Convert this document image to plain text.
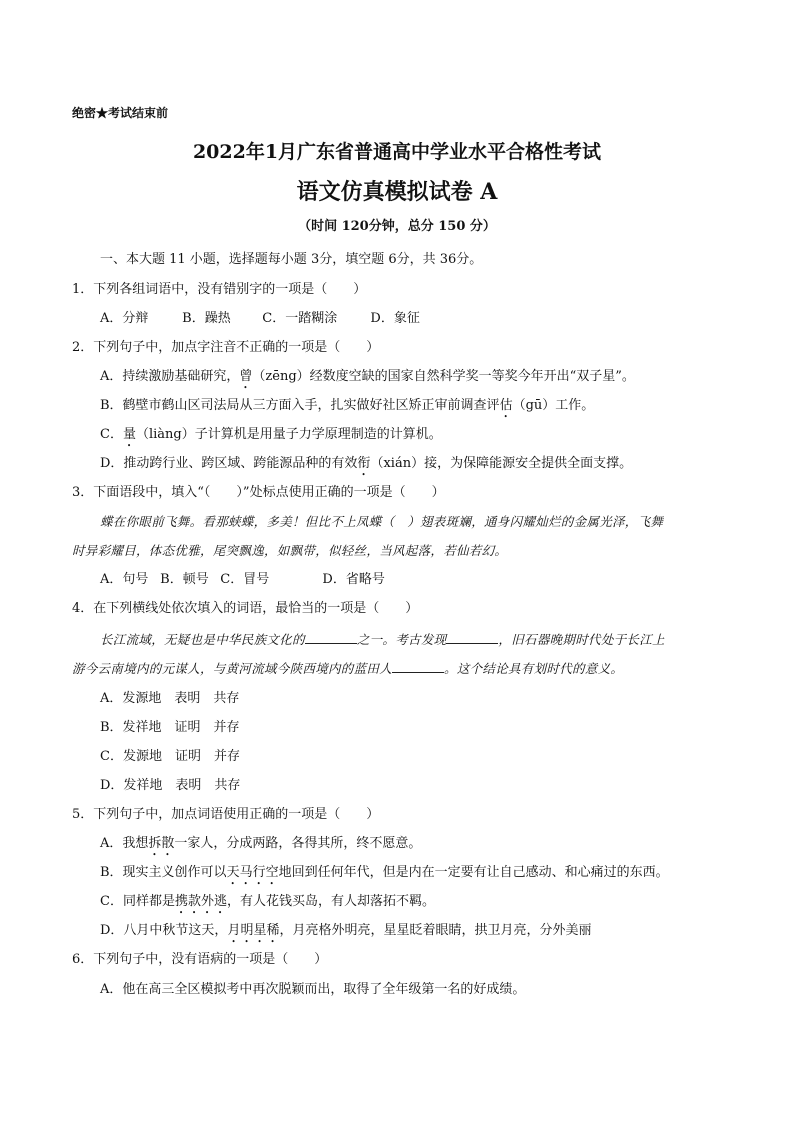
绝密★考试结束前
2022年1月广东省普通高中学业水平合格性考试
语文仿真模拟试卷 A
（时间 120分钟，总分 150 分）
一、本大题 11 小题，选择题每小题 3分，填空题 6分，共 36分。
1．下列各组词语中，没有错别字的一项是（　　）
A．分辩	B．躁热 C．一踏糊涂	D．象征
2．下列句子中，加点字注音不正确的一项是（　　）
A．持续激励基础研究，曾（zēng）经数度空缺的国家自然科学奖一等奖今年开出“双子星”。
B．鹤壁市鹤山区司法局从三方面入手，扎实做好社区矫正审前调查评估（gū）工作。
C．量（liàng）子计算机是用量子力学原理制造的计算机。
D．推动跨行业、跨区域、跨能源品种的有效衔（xián）接，为保障能源安全提供全面支撑。
3．下面语段中，填入“（　　）”处标点使用正确的一项是（　　）
蝶在你眼前飞舞。看那蛱蝶，多美！但比不上凤蝶（　）翅表斑斓，通身闪耀灿烂的金属光泽，飞舞
时异彩耀目，体态优雅，尾突飘逸，如飘带，似轻丝，当风起落，若仙若幻。
A．句号 B．顿号 C．冒号	D．省略号
4．在下列横线处依次填入的词语，最恰当的一项是（　　）
长江流域，无疑也是中华民族文化的	之一。考古发现	，旧石器晚期时代处于长江上
游今云南境内的元谋人，与黄河流域今陕西境内的蓝田人	。这个结论具有划时代的意义。
A．发源地　表明　共存
B．发祥地　证明　并存
C．发源地　证明　并存
D．发祥地　表明　共存
5．下列句子中，加点词语使用正确的一项是（　　）
A．我想拆散一家人，分成两路，各得其所，终不愿意。
B．现实主义创作可以天马行空地回到任何年代，但是内在一定要有让自己感动、和心痛过的东西。
C．同样都是携款外逃，有人花钱买岛，有人却落拓不羁。
D．八月中秋节这天，月明星稀，月亮格外明亮，星星眨着眼睛，拱卫月亮，分外美丽
6．下列句子中，没有语病的一项是（　　）
A．他在高三全区模拟考中再次脱颖而出，取得了全年级第一名的好成绩。
